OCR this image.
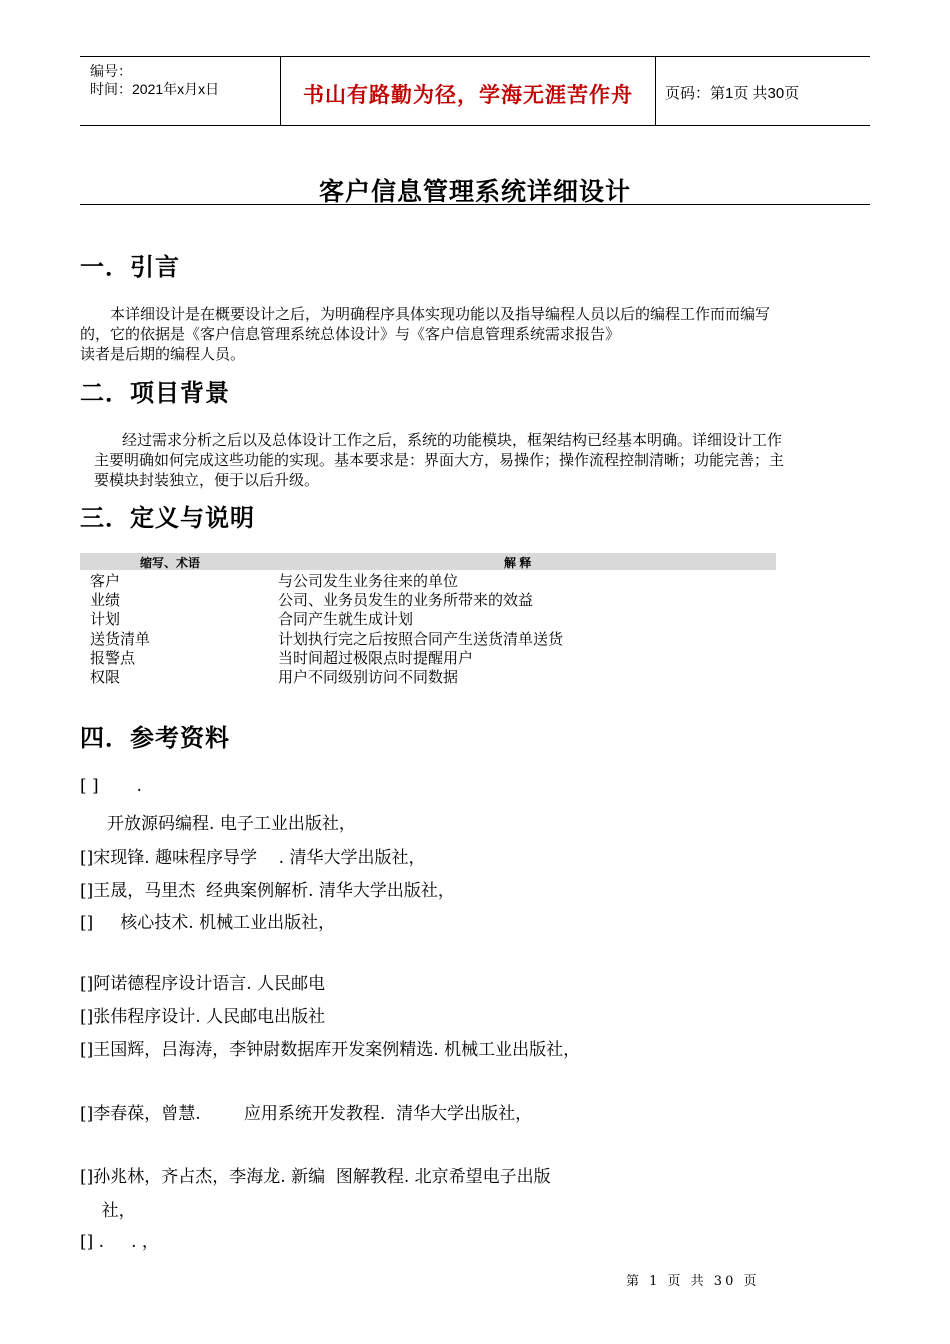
编号：
时间：2021年x月x日	书山有路勤为径，学海无涯苦作舟	页码：第1页 共30页
客户信息管理系统详细设计
一．引言

本详细设计是在概要设计之后，为明确程序具体实现功能以及指导编程人员以后的编程工作而而编写

的，它的依据是《客户信息管理系统总体设计》与《客户信息管理系统需求报告》

读者是后期的编程人员。

二．项目背景

经过需求分析之后以及总体设计工作之后，系统的功能模块，框架结构已经基本明确。详细设计工作

主要明确如何完成这些功能的实现。基本要求是：界面大方，易操作；操作流程控制清晰；功能完善；主

要模块封装独立，便于以后升级。

三．定义与说明
缩写、术语	解 释
客户	与公司发生业务往来的单位
业绩	公司、业务员发生的业务所带来的效益
计划	合同产生就生成计划
送货清单	计划执行完之后按照合同产生送货清单送货
报警点	当时间超过极限点时提醒用户
权限	用户不同级别访问不同数据
四．参考资料
[ ]       .
开放源码编程. 电子工业出版社，
[]宋现锋. 趣味程序导学    . 清华大学出版社，
[]王晟，马里杰  经典案例解析. 清华大学出版社，
[]     核心技术. 机械工业出版社，
[]阿诺德程序设计语言. 人民邮电
[]张伟程序设计. 人民邮电出版社
[]王国辉，吕海涛，李钟尉数据库开发案例精选. 机械工业出版社，
[]李春葆，曾慧.        应用系统开发教程.  清华大学出版社，
[]孙兆林，齐占杰，李海龙. 新编  图解教程. 北京希望电子出版
社，
[] .     . ，
第 1 页 共 30 页
